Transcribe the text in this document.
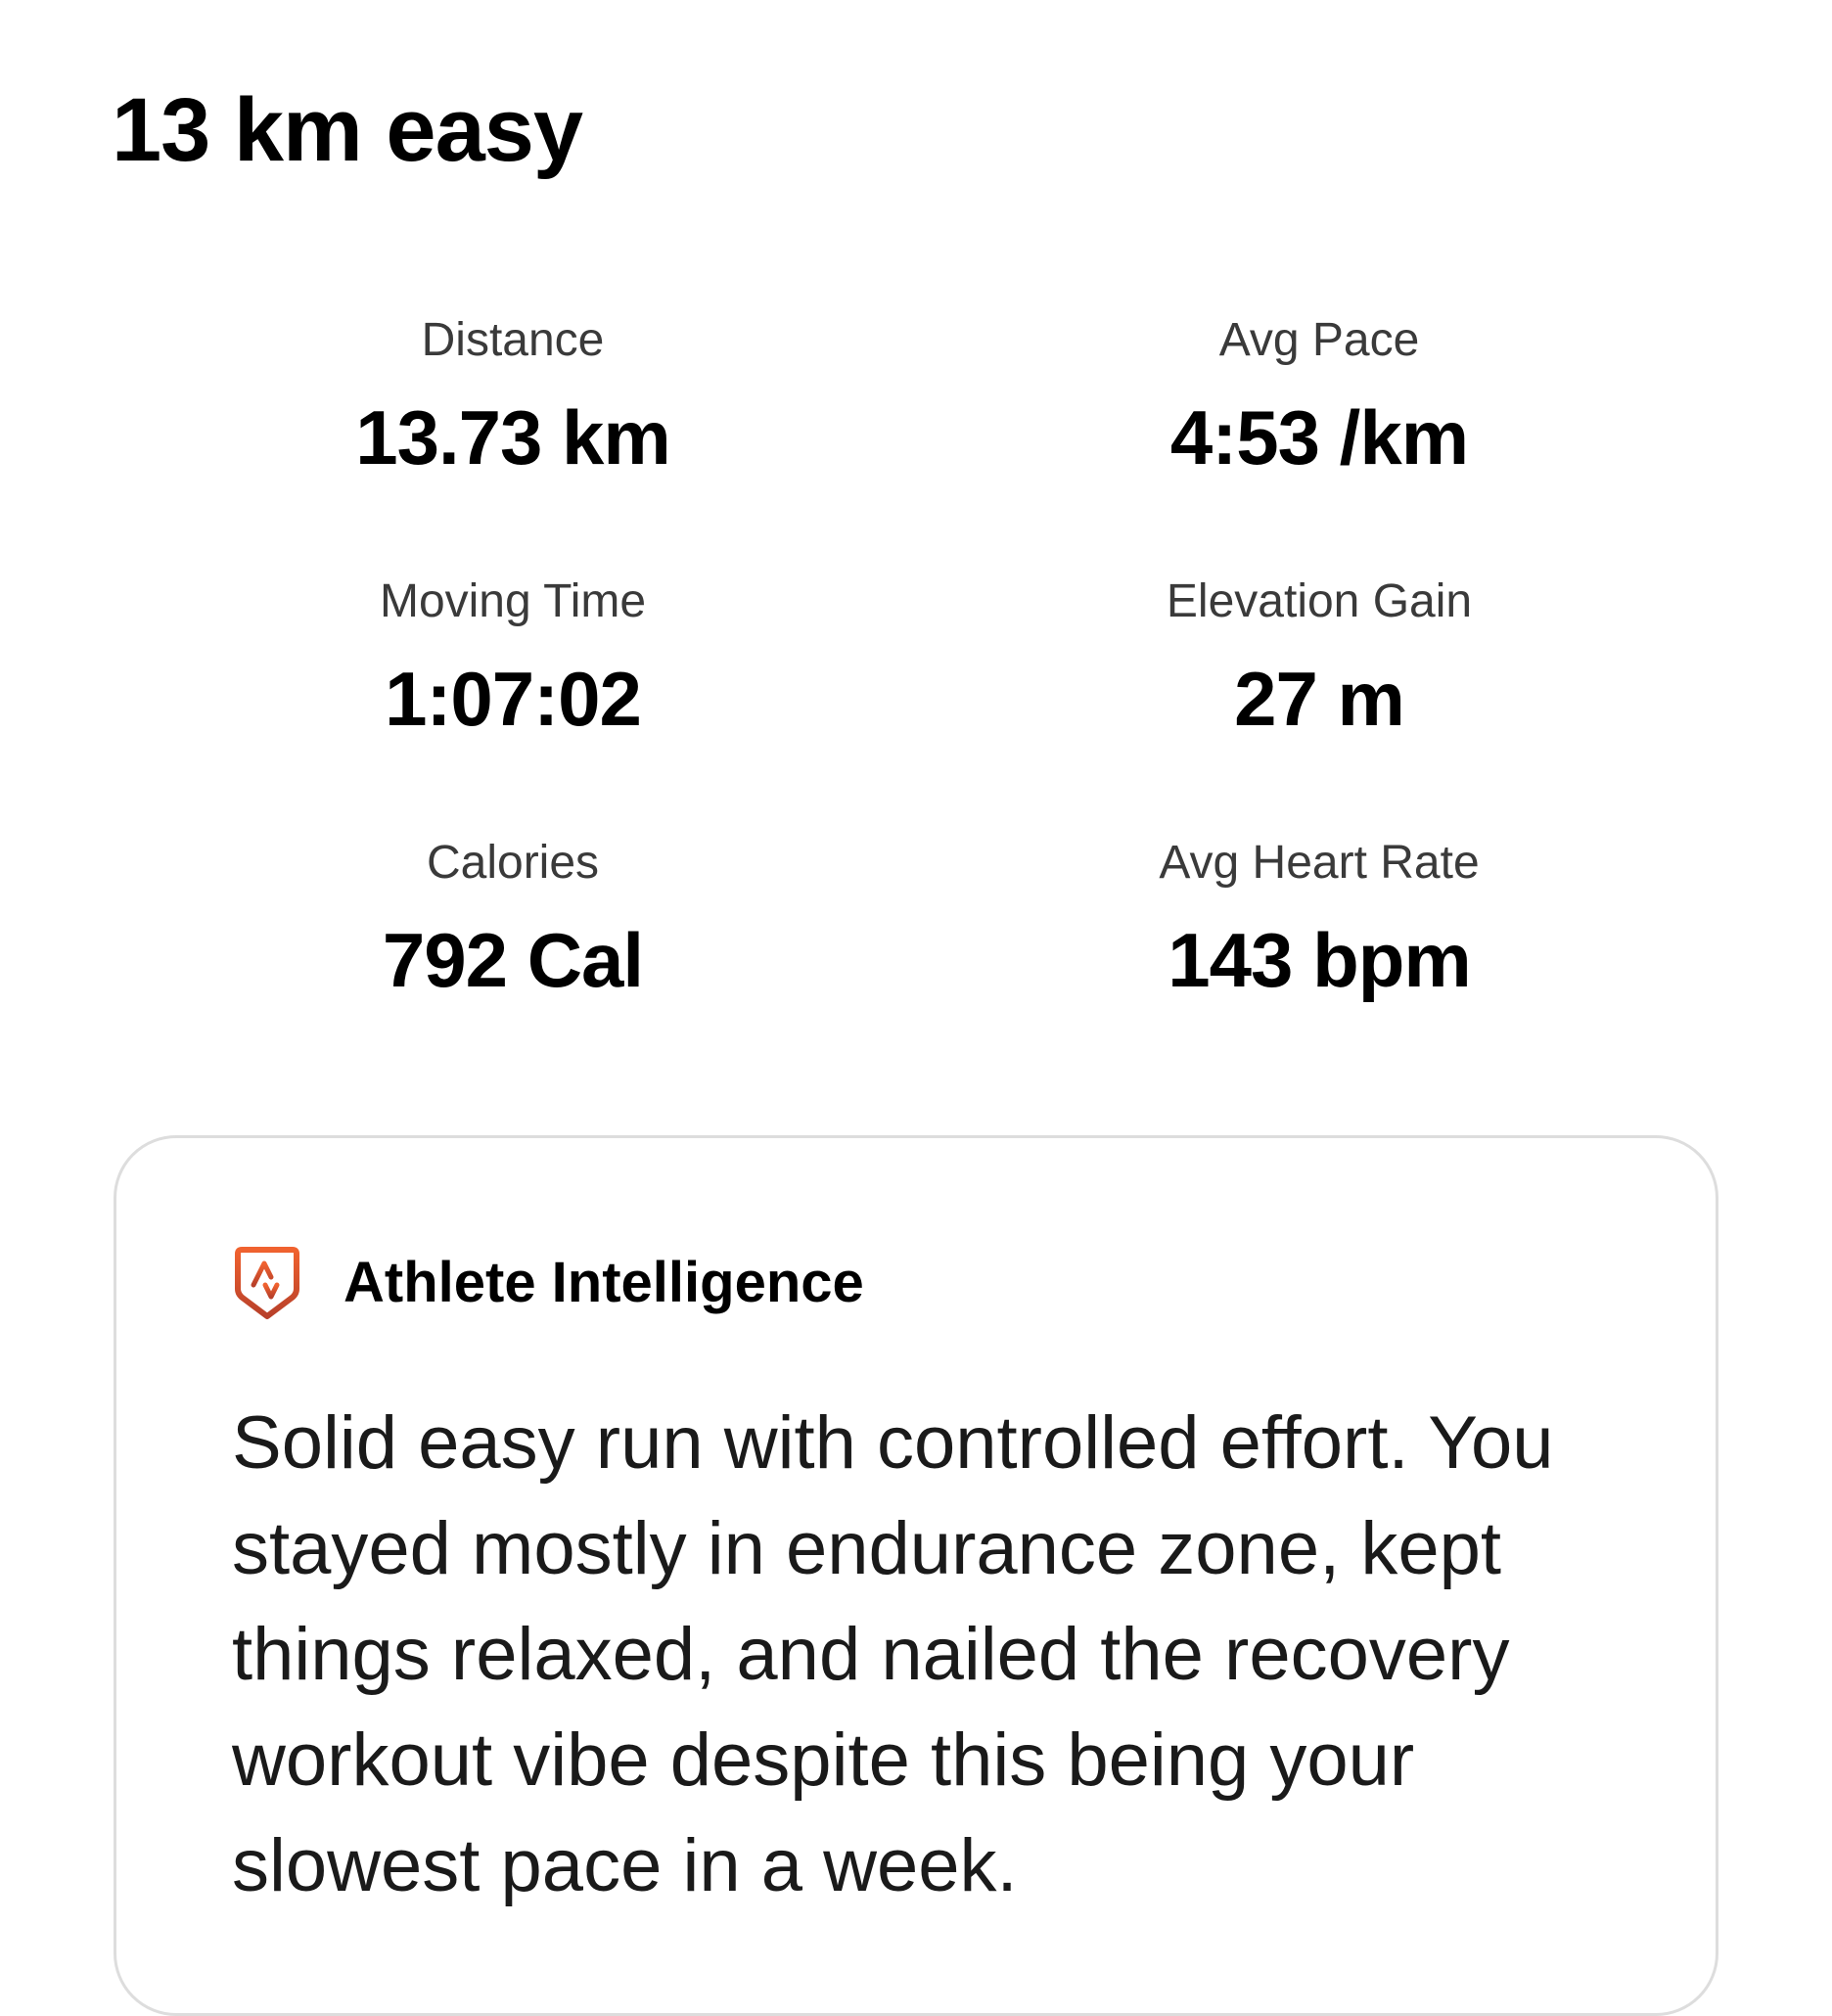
13 km easy
Distance
13.73 km
Avg Pace
4:53 /km
Moving Time
1:07:02
Elevation Gain
27 m
Calories
792 Cal
Avg Heart Rate
143 bpm
Athlete Intelligence

Solid easy run with controlled effort. You stayed mostly in endurance zone, kept things relaxed, and nailed the recovery workout vibe despite this being your slowest pace in a week.
